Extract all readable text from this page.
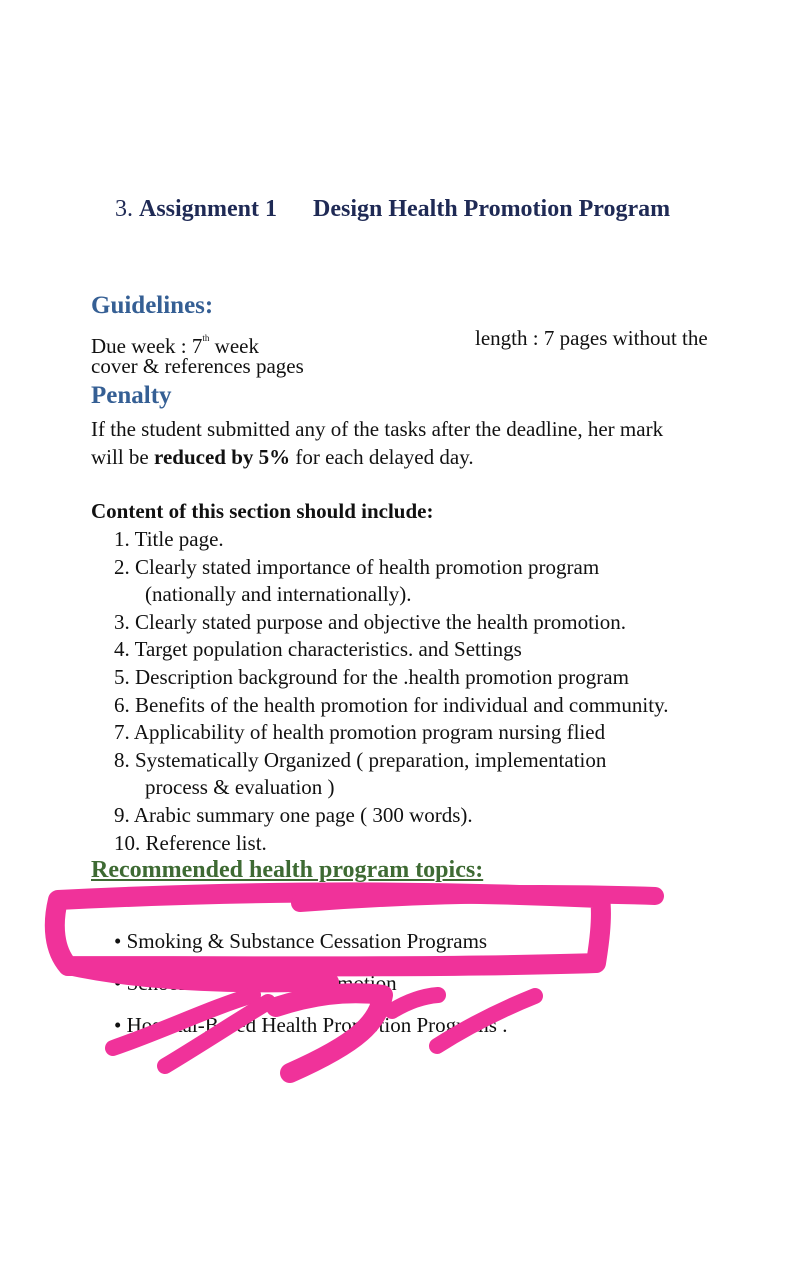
3. Assignment 1 Design Health Promotion Program
Guidelines:
Due week : 7th week	length : 7 pages without the
cover & references pages
Penalty
If the student submitted any of the tasks after the deadline, her mark
will be reduced by 5% for each delayed day.
Content of this section should include:
1. Title page.
2. Clearly stated importance of health promotion program
(nationally and internationally).
3. Clearly stated purpose and objective the health promotion.
4. Target population characteristics. and Settings
5. Description background for the .health promotion program
6. Benefits of the health promotion for individual and community.
7. Applicability of health promotion program nursing flied
8. Systematically Organized ( preparation, implementation
process & evaluation )
9. Arabic summary one page ( 300 words).
10. Reference list.
Recommended health program topics:
• Smoking & Substance Cessation Programs
• School Based Health Promotion
• Hospital-Based Health Promotion Programs .
